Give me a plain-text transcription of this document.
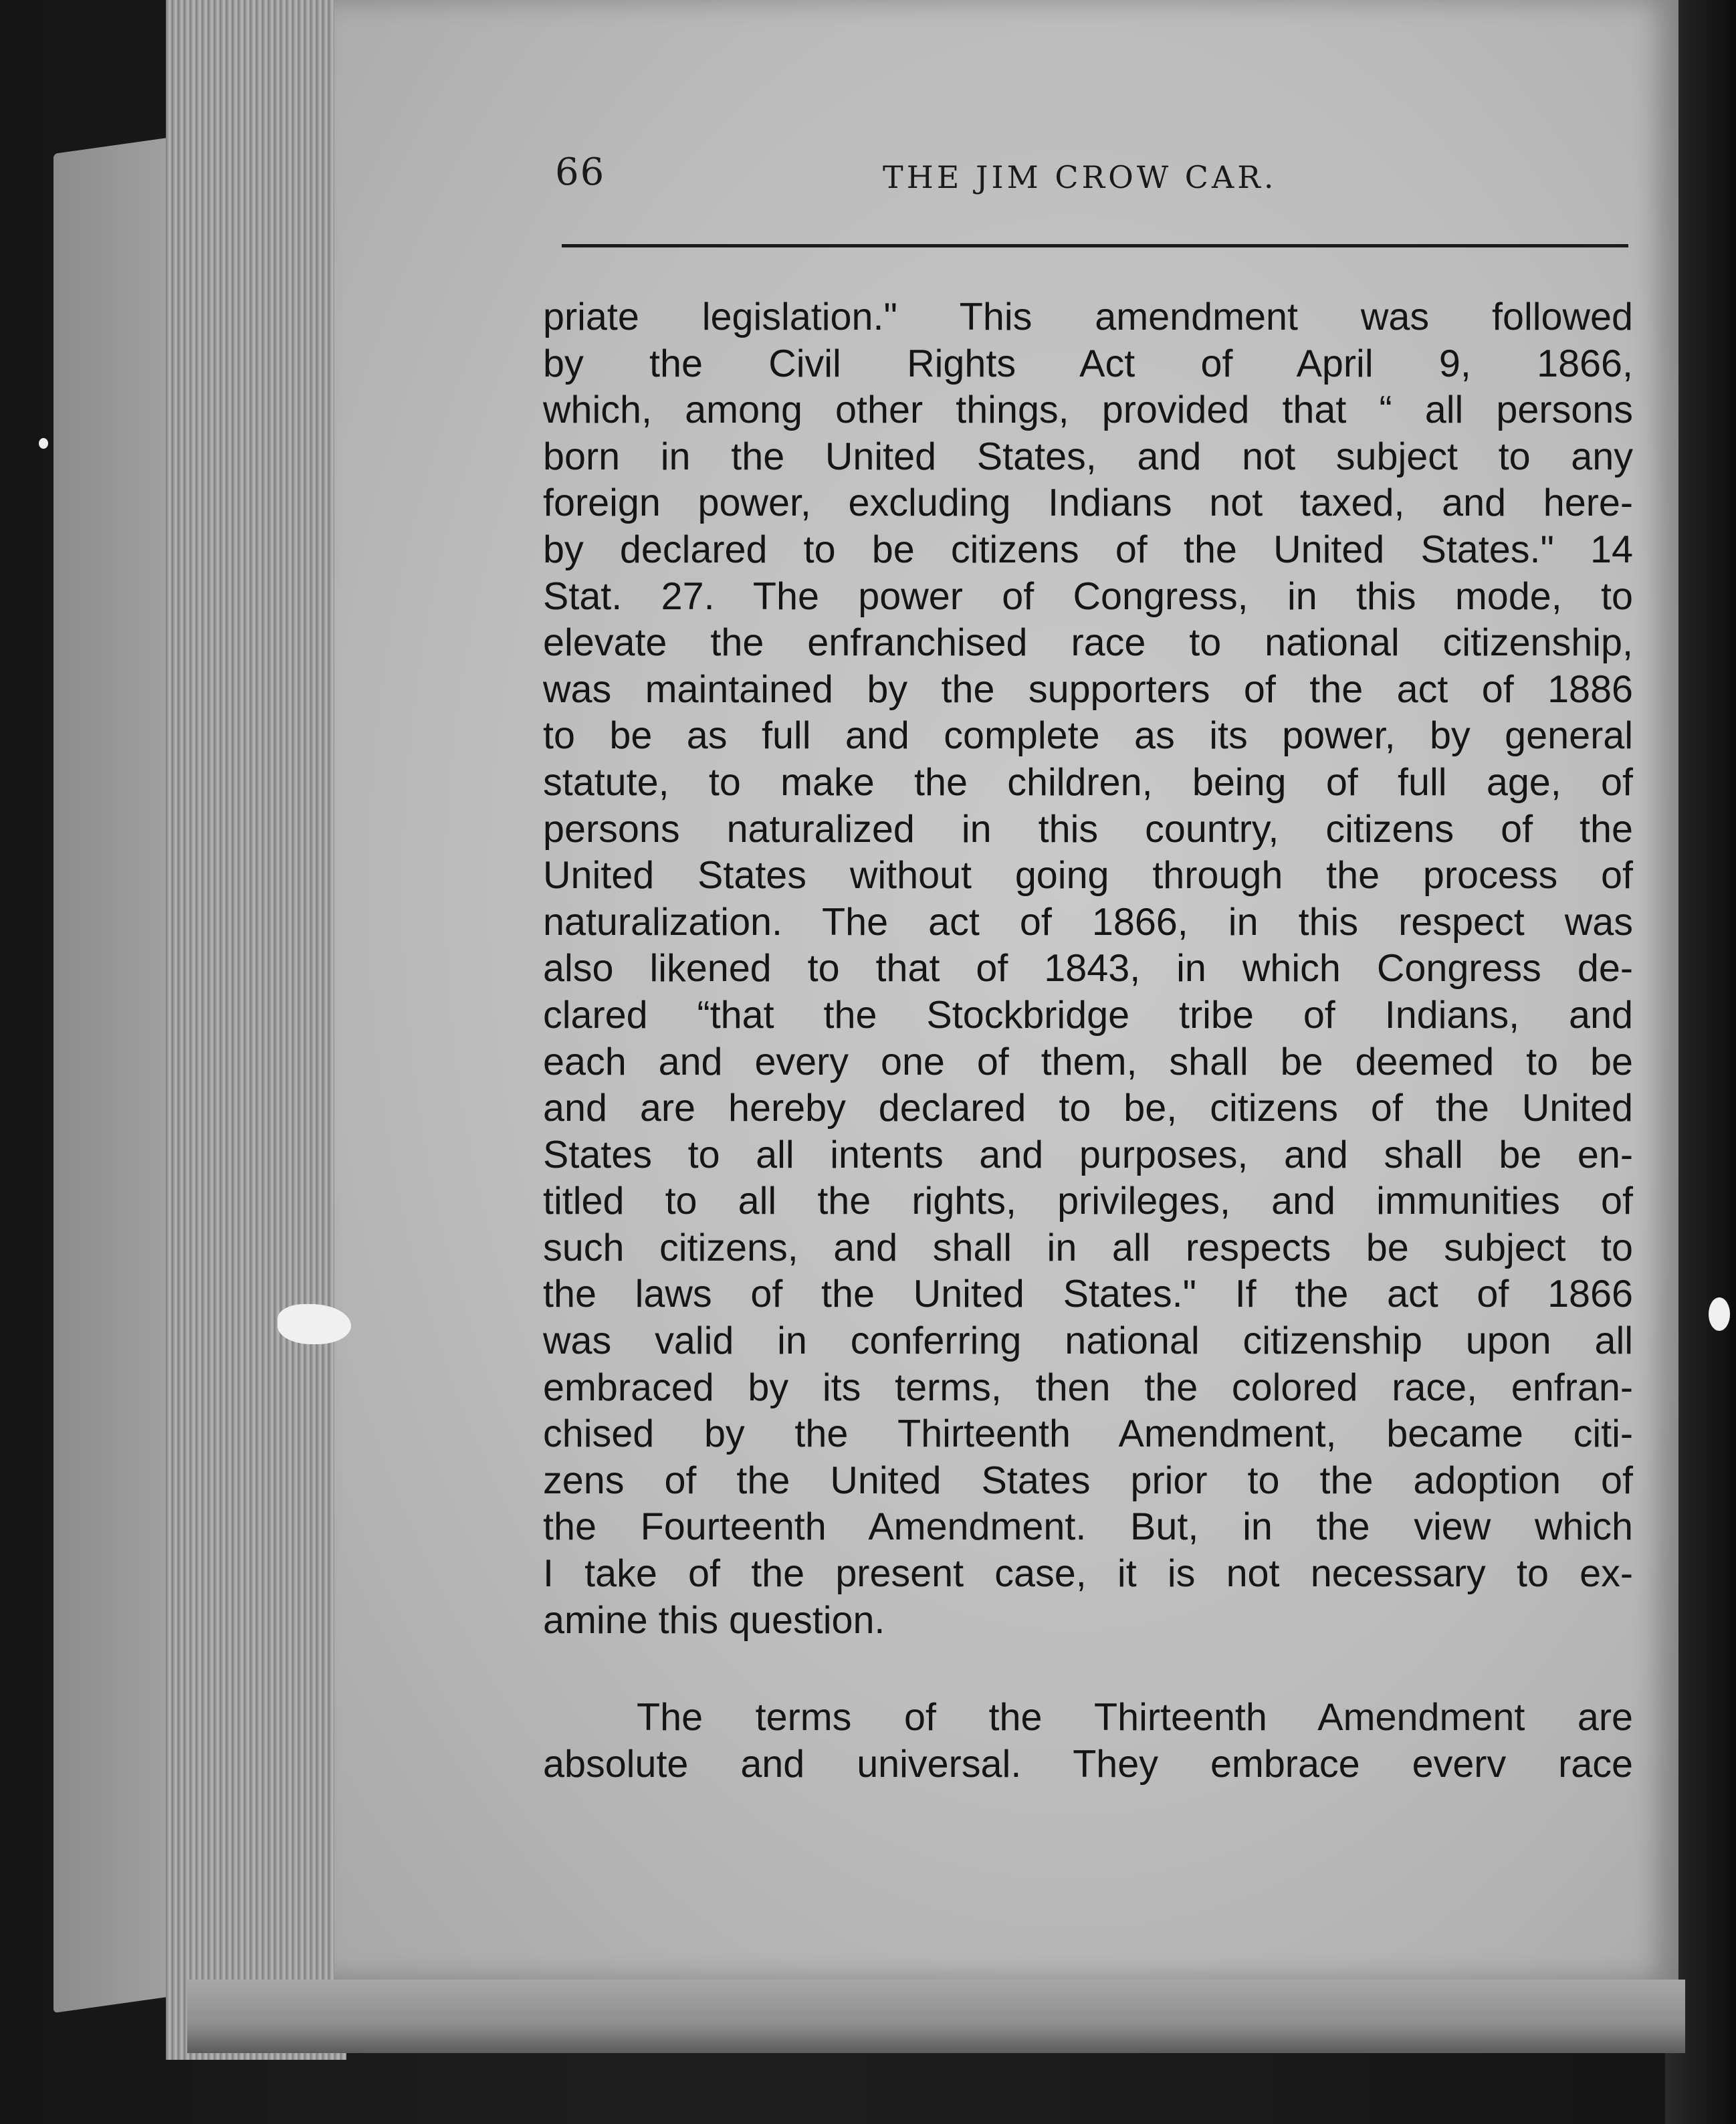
66	THE JIM CROW CAR.
priate legislation." This amendment was followed
by the Civil Rights Act of April 9, 1866,
which, among other things, provided that “ all persons
born in the United States, and not subject to any
foreign power, excluding Indians not taxed, and here-
by declared to be citizens of the United States." 14
Stat. 27. The power of Congress, in this mode, to
elevate the enfranchised race to national citizenship,
was maintained by the supporters of the act of 1886
to be as full and complete as its power, by general
statute, to make the children, being of full age, of
persons naturalized in this country, citizens of the
United States without going through the process of
naturalization. The act of 1866, in this respect was
also likened to that of 1843, in which Congress de-
clared “that the Stockbridge tribe of Indians, and
each and every one of them, shall be deemed to be
and are hereby declared to be, citizens of the United
States to all intents and purposes, and shall be en-
titled to all the rights, privileges, and immunities of
such citizens, and shall in all respects be subject to
the laws of the United States." If the act of 1866
was valid in conferring national citizenship upon all
embraced by its terms, then the colored race, enfran-
chised by the Thirteenth Amendment, became citi-
zens of the United States prior to the adoption of
the Fourteenth Amendment. But, in the view which
I take of the present case, it is not necessary to ex-
amine this question.
The terms of the Thirteenth Amendment are
absolute and universal. They embrace everv race
